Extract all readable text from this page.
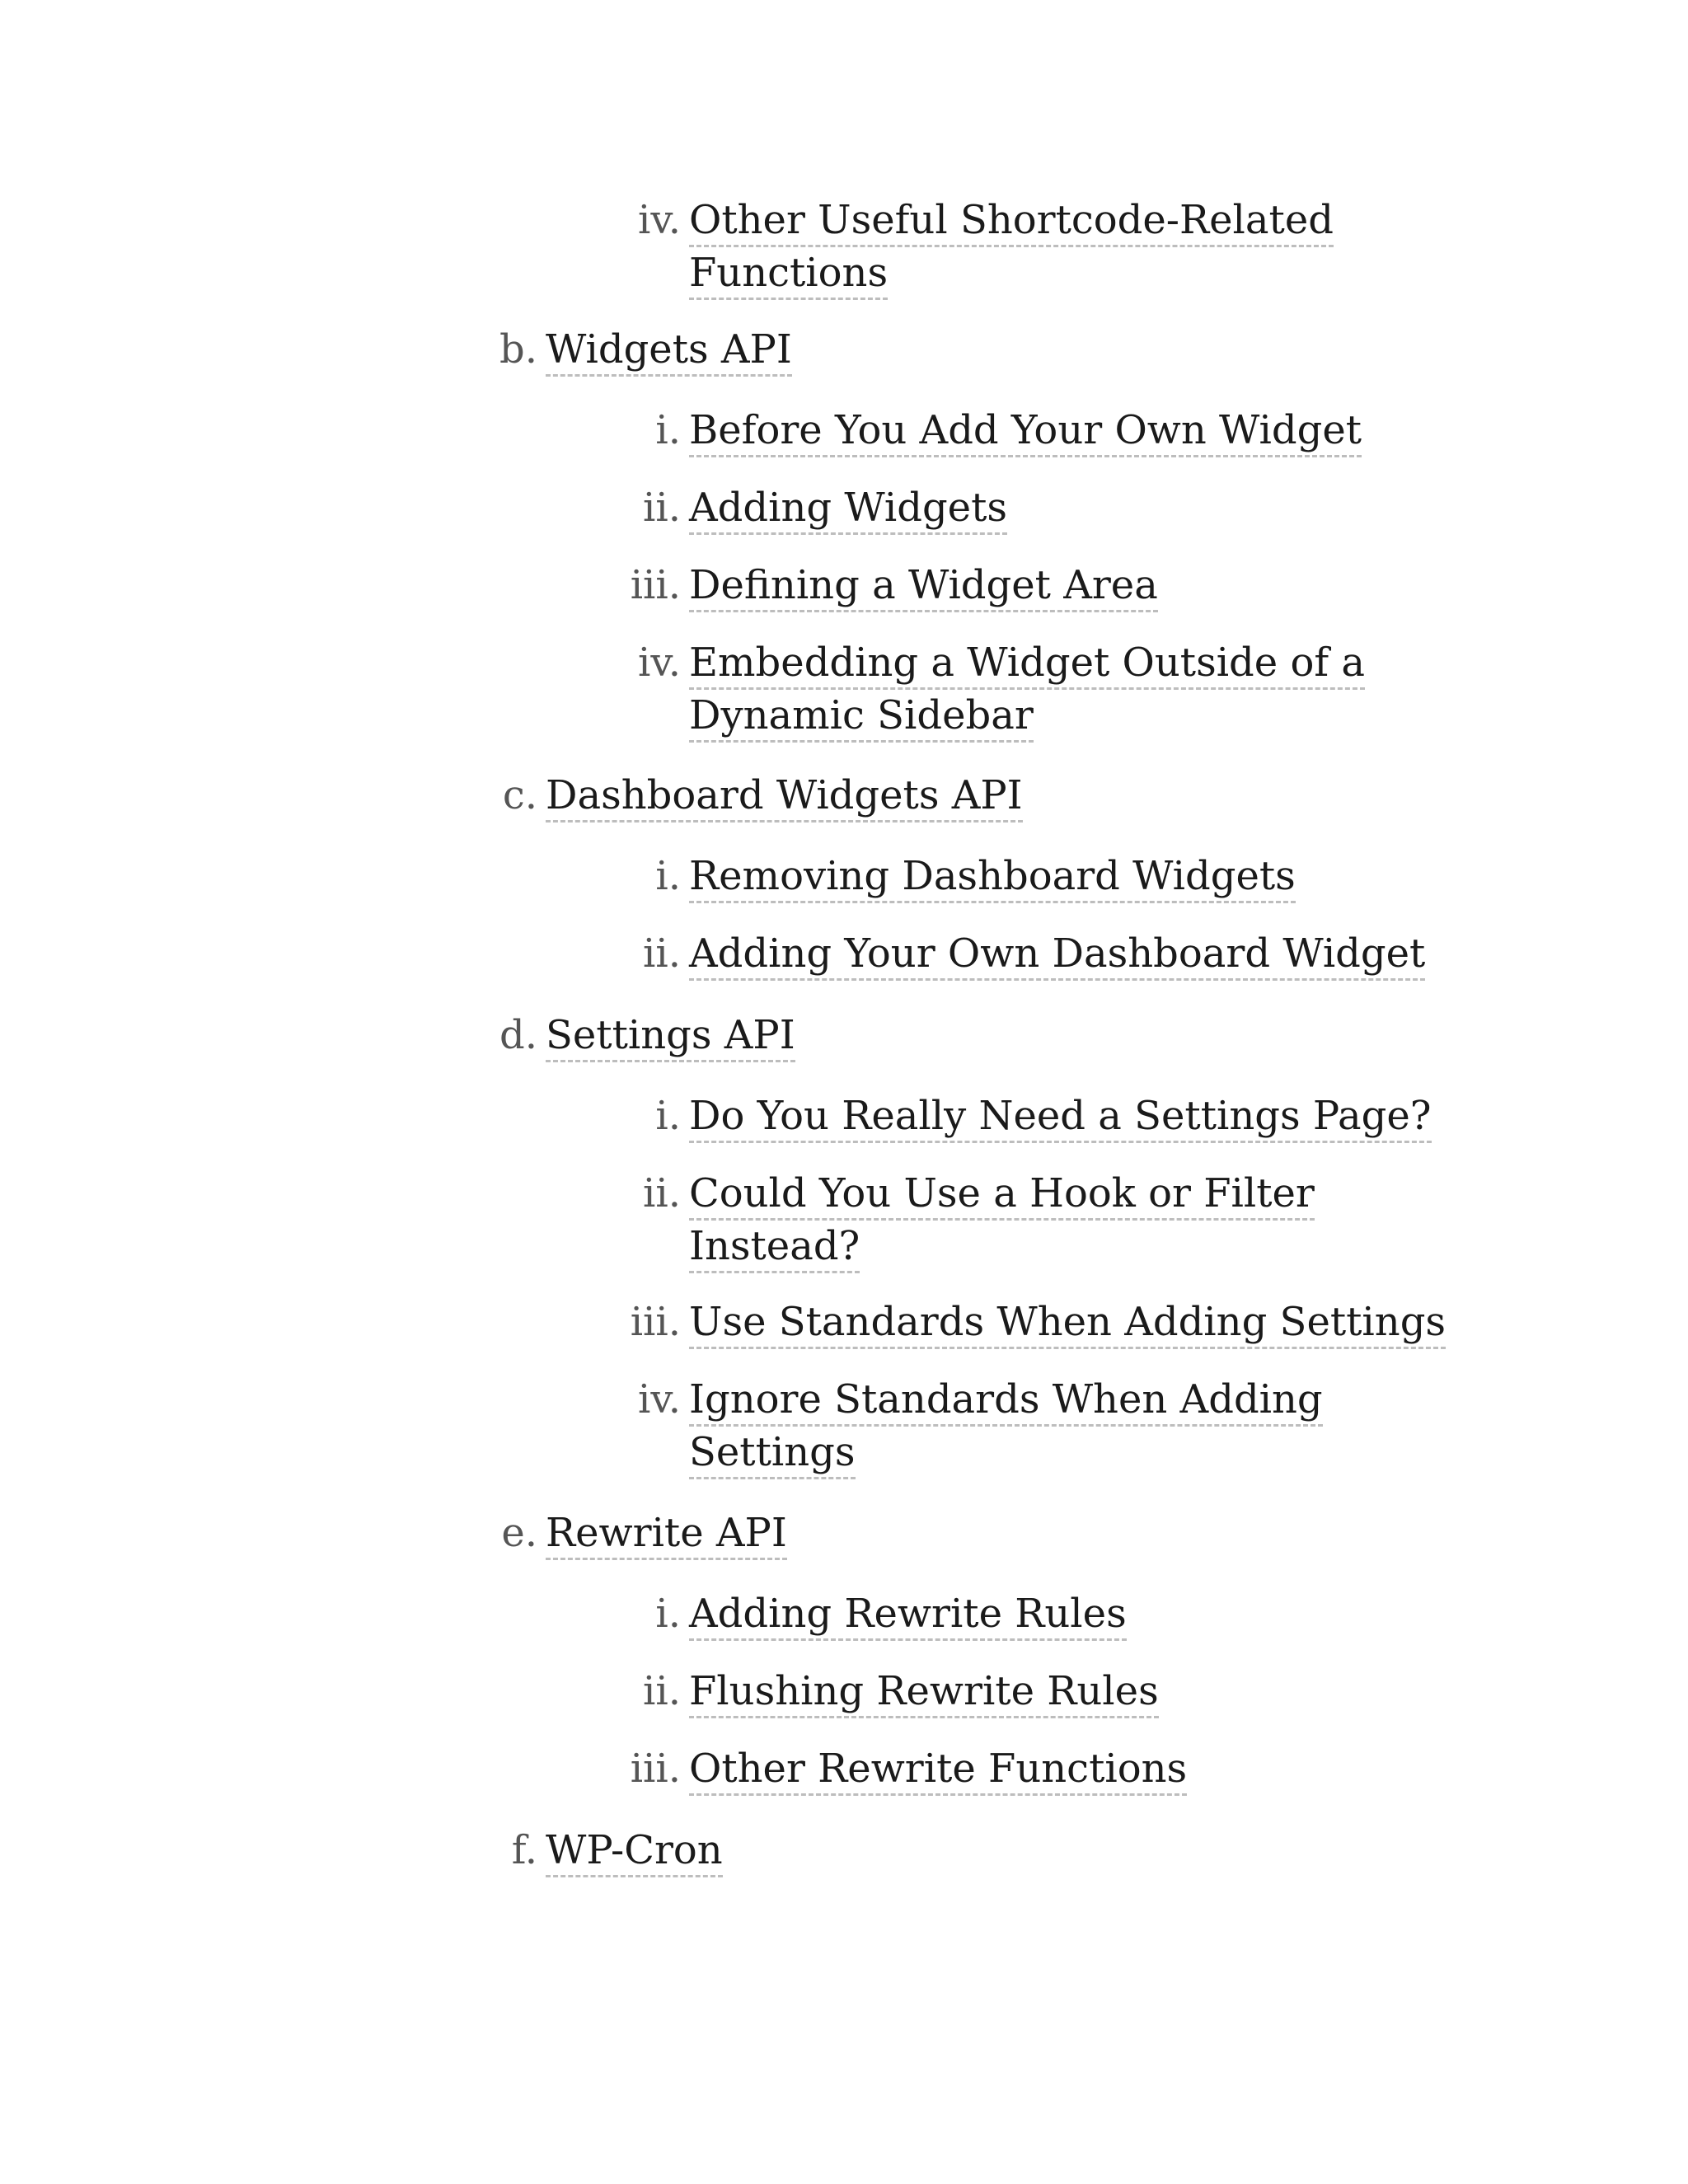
iv. Other Useful Shortcode-Related
Functions
b. Widgets API
i. Before You Add Your Own Widget
ii. Adding Widgets
iii. Defining a Widget Area
iv. Embedding a Widget Outside of a
Dynamic Sidebar
c. Dashboard Widgets API
i. Removing Dashboard Widgets
ii. Adding Your Own Dashboard Widget
d. Settings API
i. Do You Really Need a Settings Page?
ii. Could You Use a Hook or Filter
Instead?
iii. Use Standards When Adding Settings
iv. Ignore Standards When Adding
Settings
e. Rewrite API
i. Adding Rewrite Rules
ii. Flushing Rewrite Rules
iii. Other Rewrite Functions
f. WP-Cron
